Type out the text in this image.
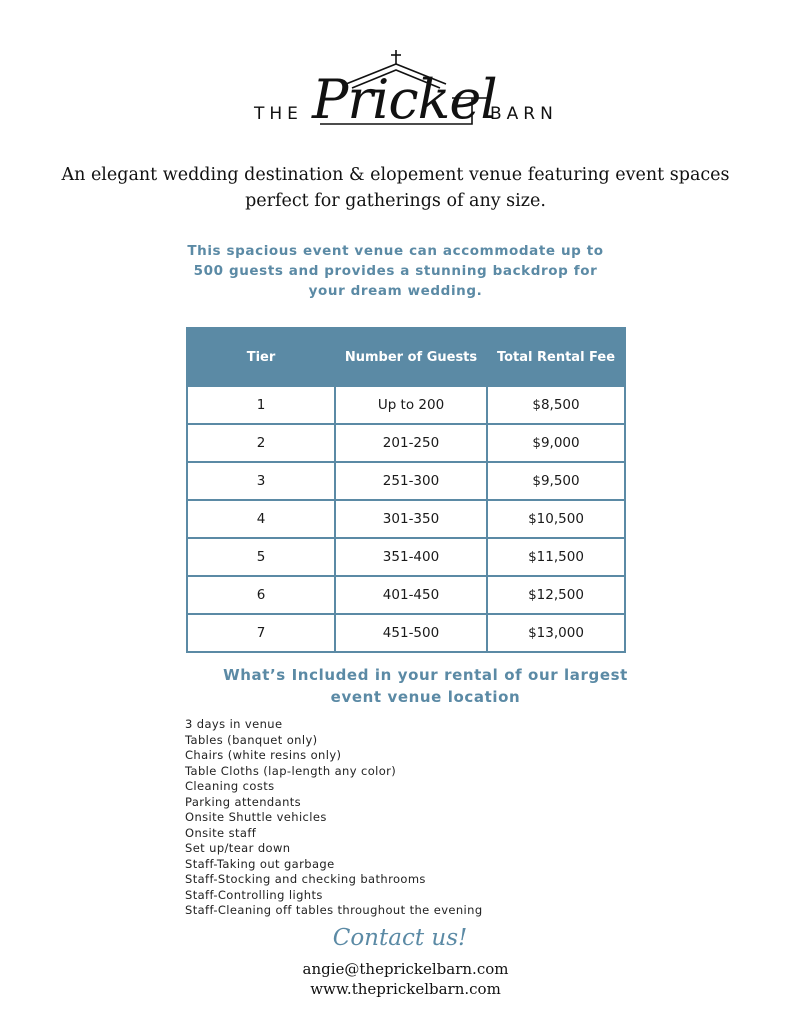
THE Prickel
BARN
An elegant wedding destination & elopement venue featuring event spaces perfect for gatherings of any size.
This spacious event venue can accommodate up to 500 guests and provides a stunning backdrop for your dream wedding.
Tier	Number of Guests	Total Rental Fee
1	Up to 200	$8,500
2	201-250	$9,000
3	251-300	$9,500
4	301-350	$10,500
5	351-400	$11,500
6	401-450	$12,500
7	451-500	$13,000
What’s Included in your rental of our largest event venue location
3 days in venue
Tables (banquet only)
Chairs (white resins only)
Table Cloths (lap-length any color)
Cleaning costs
Parking attendants
Onsite Shuttle vehicles
Onsite staff
Set up/tear down
Staff-Taking out garbage
Staff-Stocking and checking bathrooms
Staff-Controlling lights
Staff-Cleaning off tables throughout the evening
Contact us!
angie@theprickelbarn.com
www.theprickelbarn.com
